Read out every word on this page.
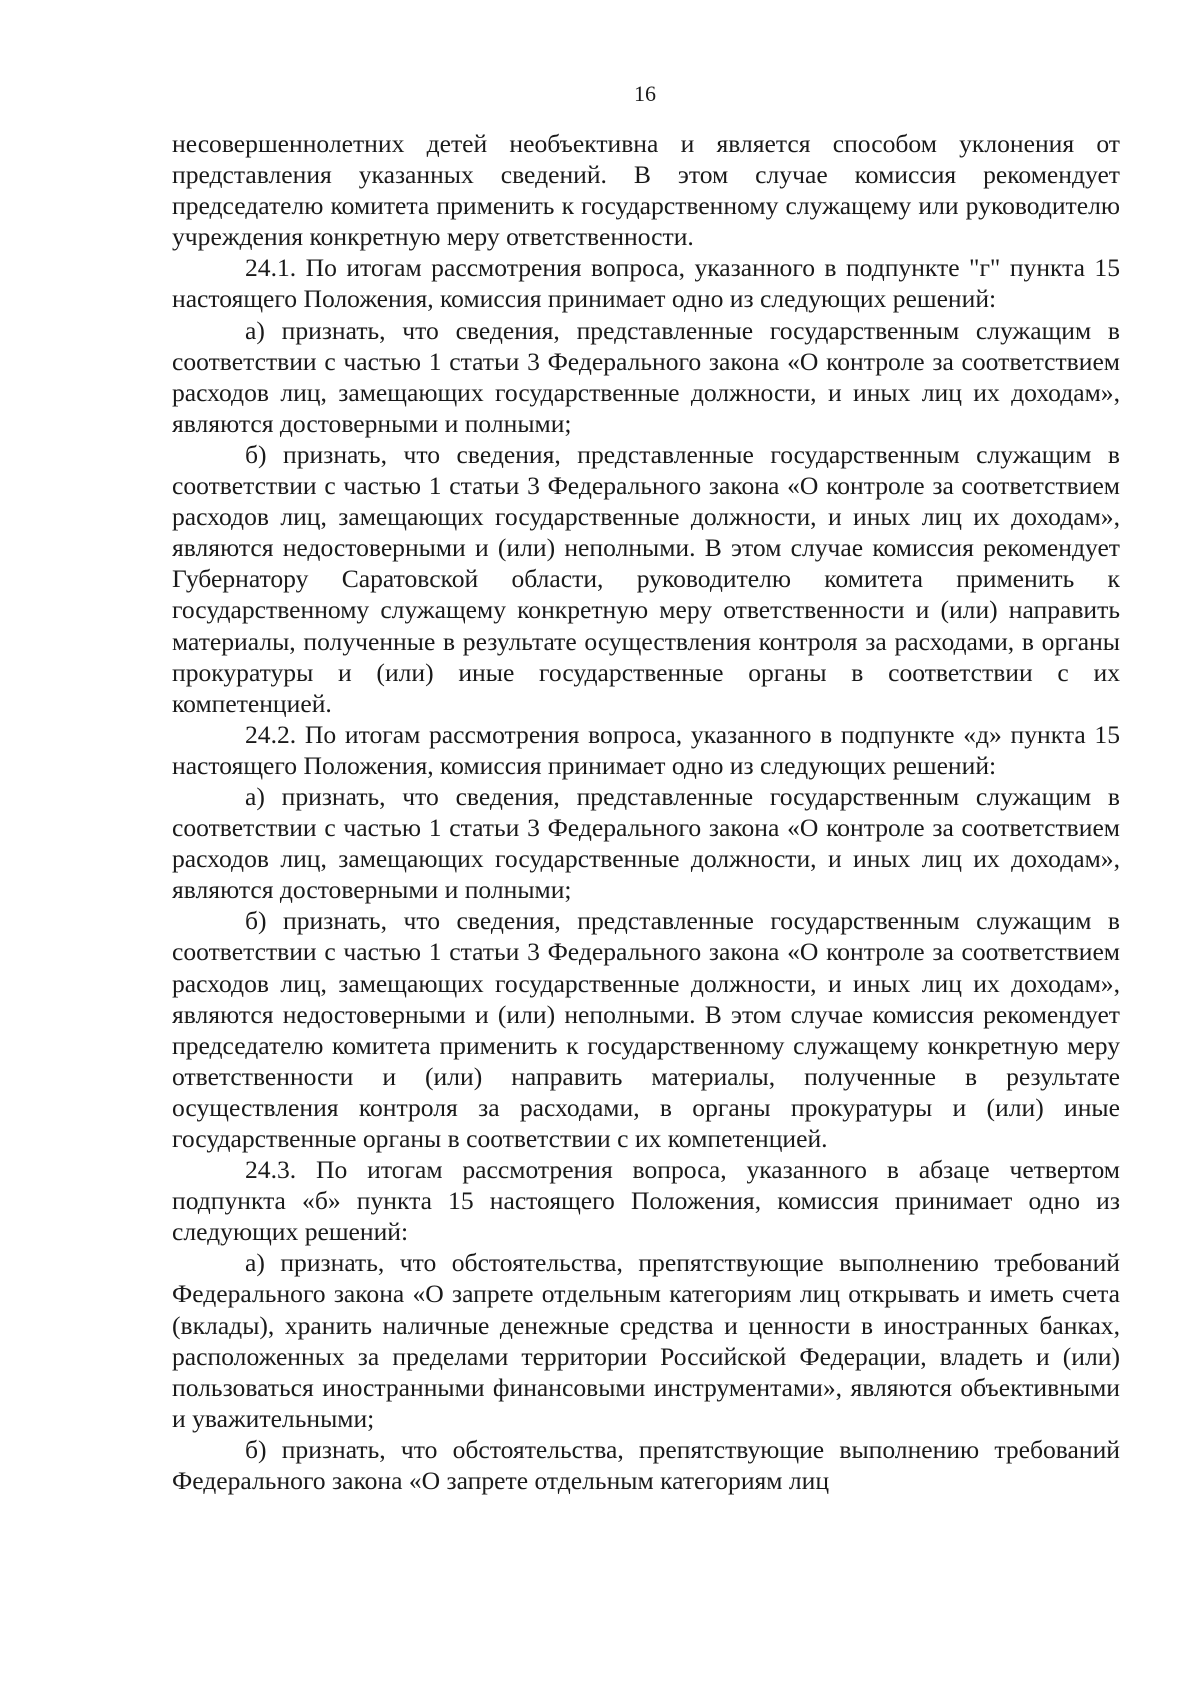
16

несовершеннолетних детей необъективна и является способом уклонения от представления указанных сведений. В этом случае комиссия рекомендует председателю комитета применить к государственному служащему или руководителю учреждения конкретную меру ответственности.

24.1. По итогам рассмотрения вопроса, указанного в подпункте "г" пункта 15 настоящего Положения, комиссия принимает одно из следующих решений:

а) признать, что сведения, представленные государственным служащим в соответствии с частью 1 статьи 3 Федерального закона «О контроле за соответствием расходов лиц, замещающих государственные должности, и иных лиц их доходам», являются достоверными и полными;

б) признать, что сведения, представленные государственным служащим в соответствии с частью 1 статьи 3 Федерального закона «О контроле за соответствием расходов лиц, замещающих государственные должности, и иных лиц их доходам», являются недостоверными и (или) неполными. В этом случае комиссия рекомендует Губернатору Саратовской области, руководителю комитета применить к государственному служащему конкретную меру ответственности и (или) направить материалы, полученные в результате осуществления контроля за расходами, в органы прокуратуры и (или) иные государственные органы в соответствии с их компетенцией.

24.2. По итогам рассмотрения вопроса, указанного в подпункте «д» пункта 15 настоящего Положения, комиссия принимает одно из следующих решений:

а) признать, что сведения, представленные государственным служащим в соответствии с частью 1 статьи 3 Федерального закона «О контроле за соответствием расходов лиц, замещающих государственные должности, и иных лиц их доходам», являются достоверными и полными;

б) признать, что сведения, представленные государственным служащим в соответствии с частью 1 статьи 3 Федерального закона «О контроле за соответствием расходов лиц, замещающих государственные должности, и иных лиц их доходам», являются недостоверными и (или) неполными. В этом случае комиссия рекомендует председателю комитета применить к государственному служащему конкретную меру ответственности и (или) направить материалы, полученные в результате осуществления контроля за расходами, в органы прокуратуры и (или) иные государственные органы в соответствии с их компетенцией.

24.3. По итогам рассмотрения вопроса, указанного в абзаце четвертом подпункта «б» пункта 15 настоящего Положения, комиссия принимает одно из следующих решений:

а) признать, что обстоятельства, препятствующие выполнению требований Федерального закона «О запрете отдельным категориям лиц открывать и иметь счета (вклады), хранить наличные денежные средства и ценности в иностранных банках, расположенных за пределами территории Российской Федерации, владеть и (или) пользоваться иностранными финансовыми инструментами», являются объективными и уважительными;

б) признать, что обстоятельства, препятствующие выполнению требований Федерального закона «О запрете отдельным категориям лиц
